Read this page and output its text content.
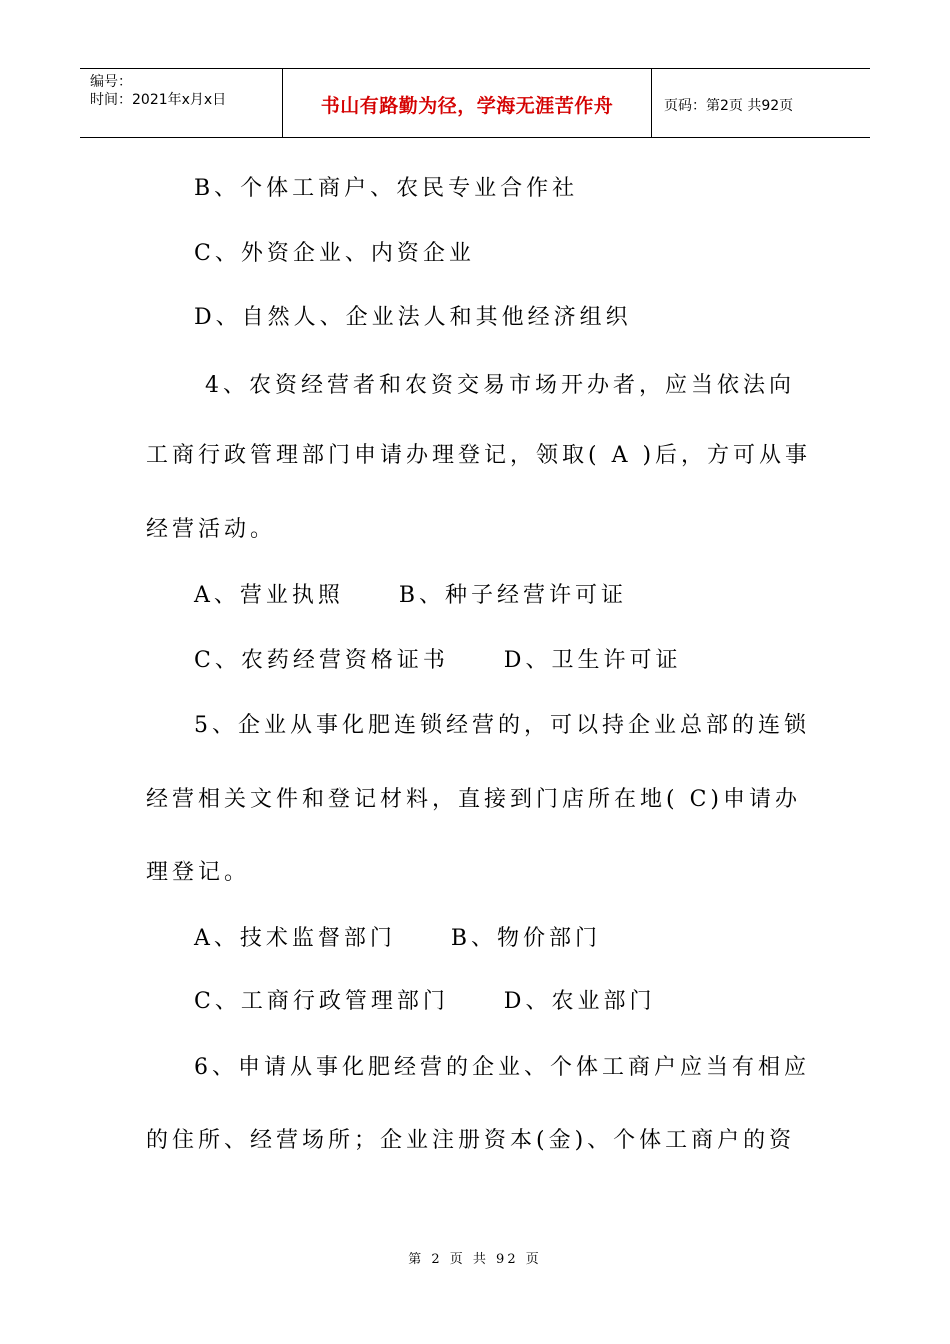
编号：
时间：2021年x月x日	书山有路勤为径，学海无涯苦作舟	页码：第2页 共92页
B、个体工商户、农民专业合作社
C、外资企业、内资企业
D、自然人、企业法人和其他经济组织
4、农资经营者和农资交易市场开办者，应当依法向
工商行政管理部门申请办理登记，领取( A )后，方可从事
经营活动。
A、营业执照     B、种子经营许可证
C、农药经营资格证书     D、卫生许可证
5、企业从事化肥连锁经营的，可以持企业总部的连锁
经营相关文件和登记材料，直接到门店所在地( C)申请办
理登记。
A、技术监督部门     B、物价部门
C、工商行政管理部门     D、农业部门
6、申请从事化肥经营的企业、个体工商户应当有相应
的住所、经营场所；企业注册资本(金)、个体工商户的资
第 2 页 共 92 页
